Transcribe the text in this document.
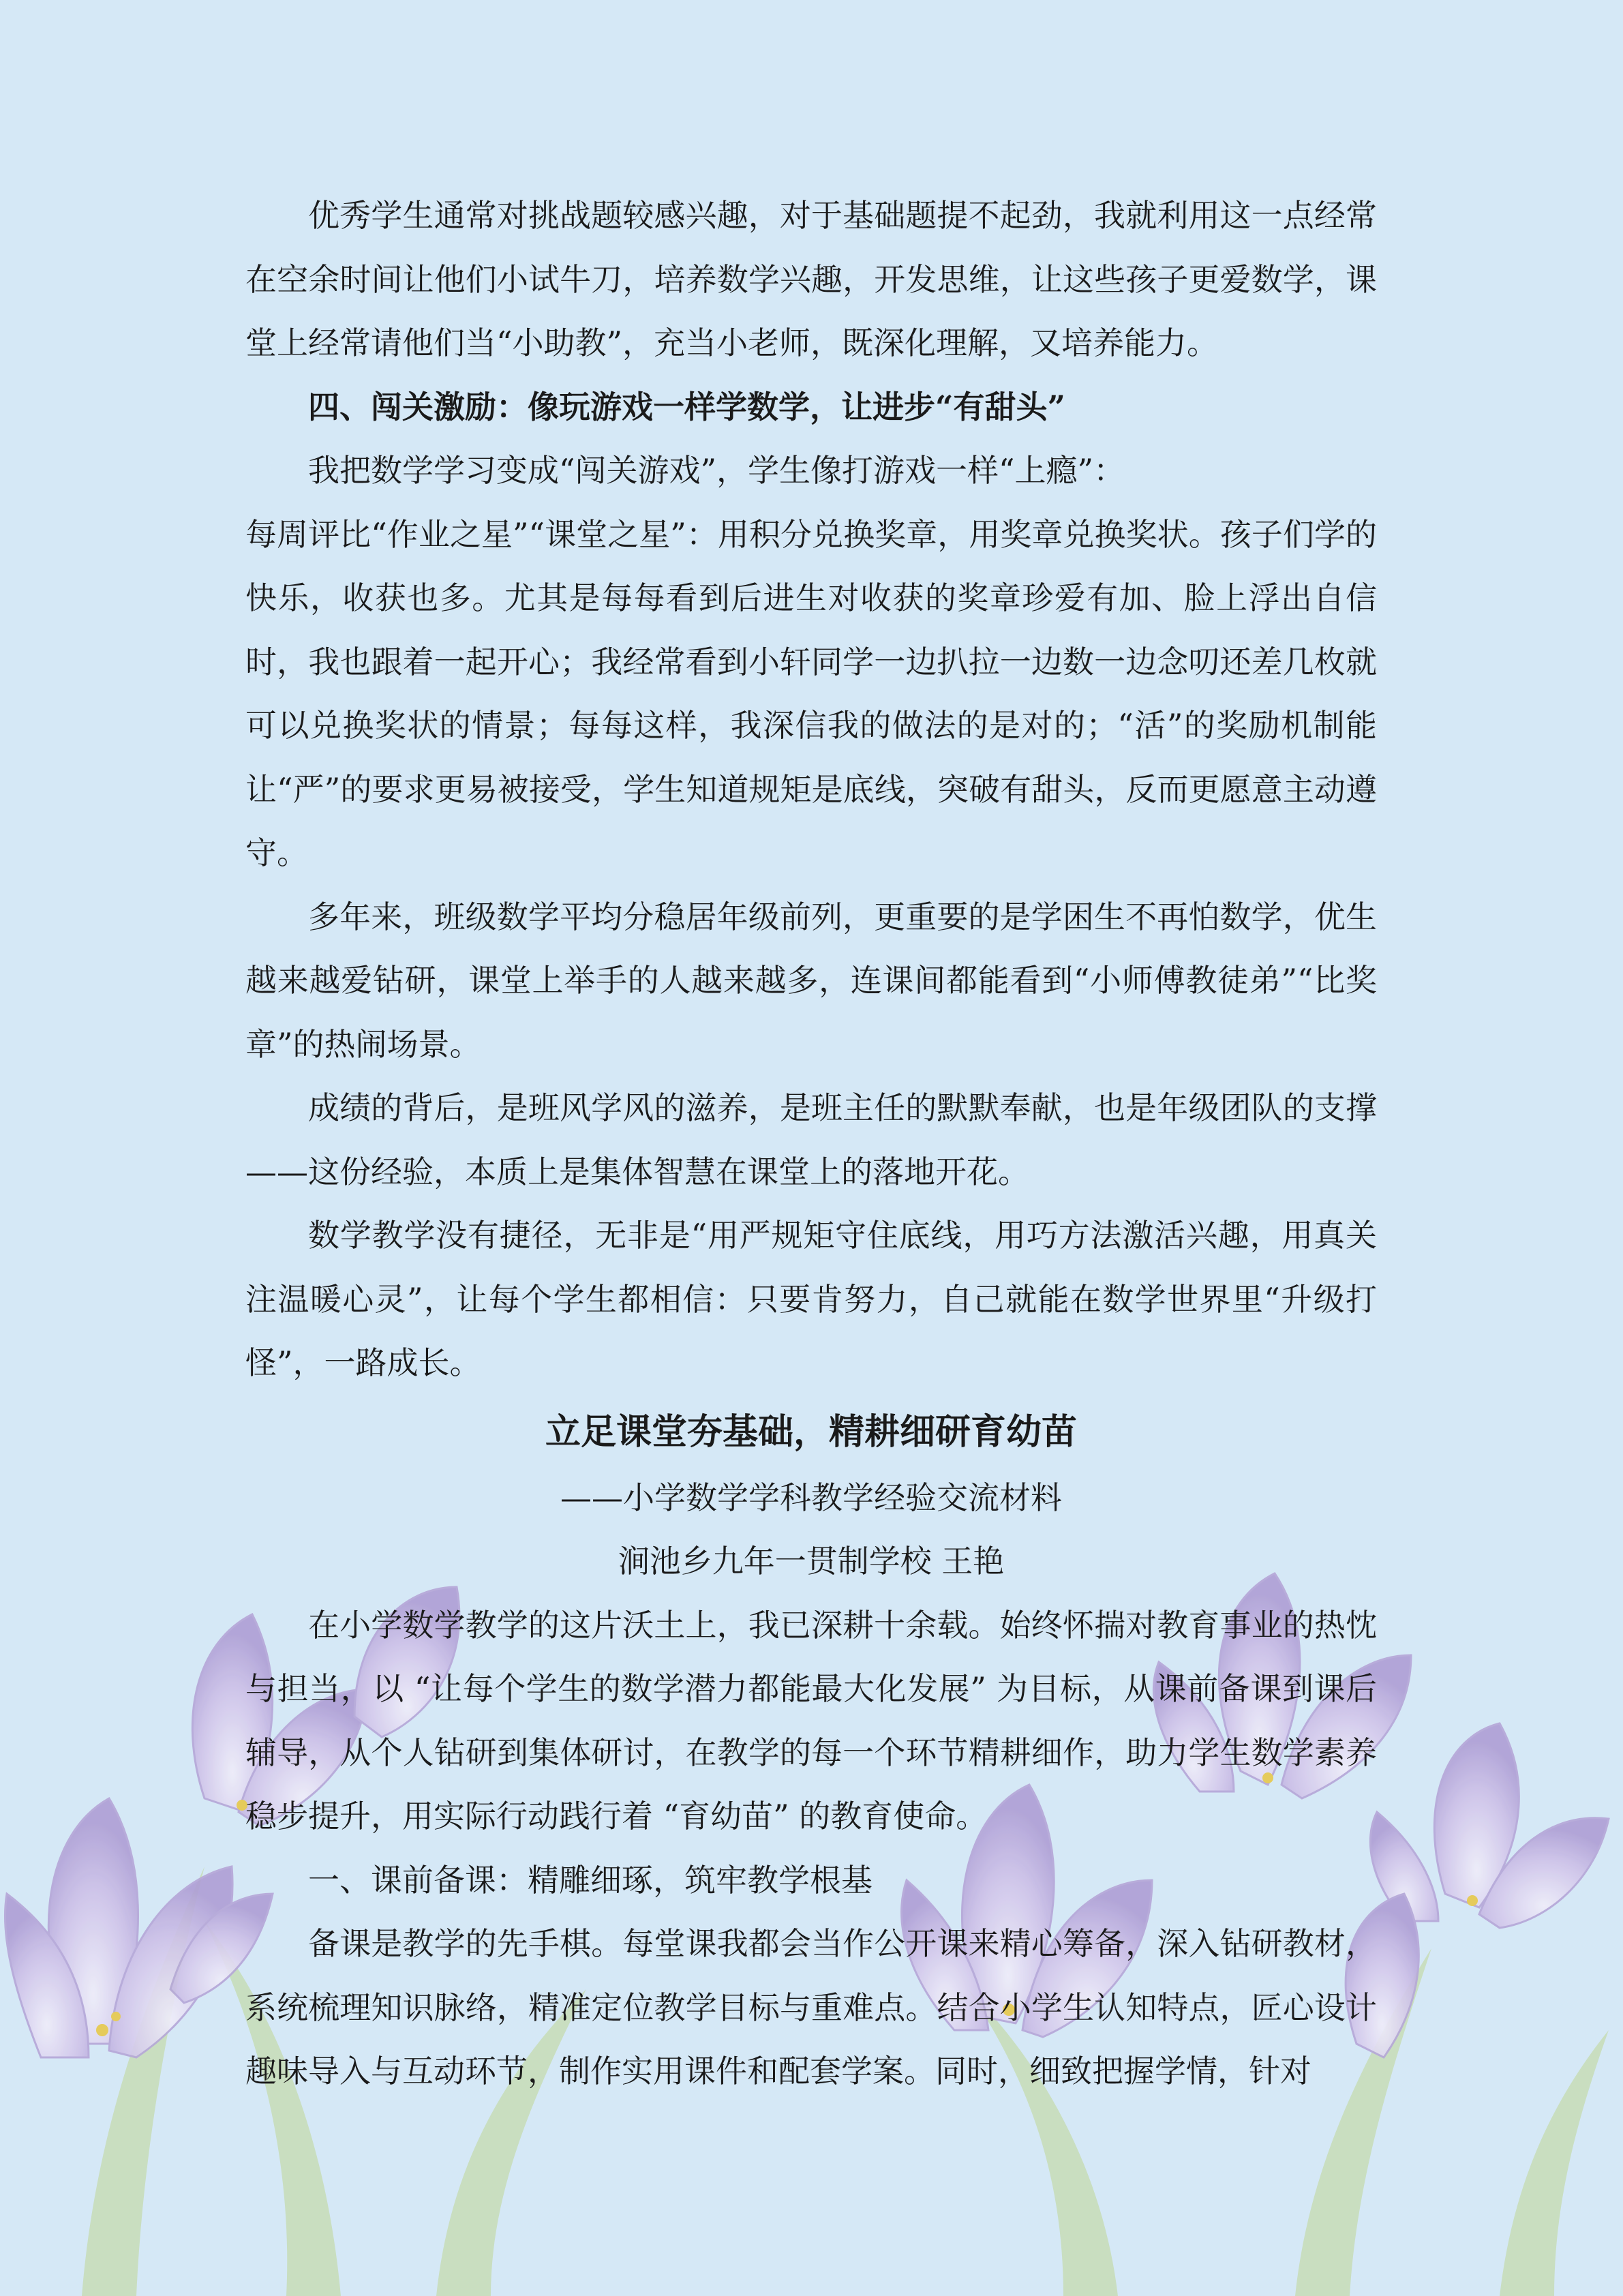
优秀学生通常对挑战题较感兴趣，对于基础题提不起劲，我就利用这一点经常在空余时间让他们小试牛刀，培养数学兴趣，开发思维，让这些孩子更爱数学，课堂上经常请他们当“小助教”，充当小老师，既深化理解，又培养能力。

四、闯关激励：像玩游戏一样学数学，让进步“有甜头”

我把数学学习变成“闯关游戏”，学生像打游戏一样“上瘾”：

每周评比“作业之星”“课堂之星”：用积分兑换奖章，用奖章兑换奖状。孩子们学的快乐，收获也多。尤其是每每看到后进生对收获的奖章珍爱有加、脸上浮出自信时，我也跟着一起开心；我经常看到小轩同学一边扒拉一边数一边念叨还差几枚就可以兑换奖状的情景；每每这样，我深信我的做法的是对的；“活”的奖励机制能让“严”的要求更易被接受，学生知道规矩是底线，突破有甜头，反而更愿意主动遵守。

多年来，班级数学平均分稳居年级前列，更重要的是学困生不再怕数学，优生越来越爱钻研，课堂上举手的人越来越多，连课间都能看到“小师傅教徒弟”“比奖章”的热闹场景。

成绩的背后，是班风学风的滋养，是班主任的默默奉献，也是年级团队的支撑——这份经验，本质上是集体智慧在课堂上的落地开花。

数学教学没有捷径，无非是“用严规矩守住底线，用巧方法激活兴趣，用真关注温暖心灵”，让每个学生都相信：只要肯努力，自己就能在数学世界里“升级打怪”，一路成长。

立足课堂夯基础，精耕细研育幼苗

——小学数学学科教学经验交流材料

涧池乡九年一贯制学校 王艳

在小学数学教学的这片沃土上，我已深耕十余载。始终怀揣对教育事业的热忱与担当，以 “让每个学生的数学潜力都能最大化发展” 为目标，从课前备课到课后辅导，从个人钻研到集体研讨，在教学的每一个环节精耕细作，助力学生数学素养稳步提升，用实际行动践行着 “育幼苗” 的教育使命。

一、课前备课：精雕细琢，筑牢教学根基

备课是教学的先手棋。每堂课我都会当作公开课来精心筹备，深入钻研教材，系统梳理知识脉络，精准定位教学目标与重难点。结合小学生认知特点，匠心设计趣味导入与互动环节，制作实用课件和配套学案。同时，细致把握学情，针对
